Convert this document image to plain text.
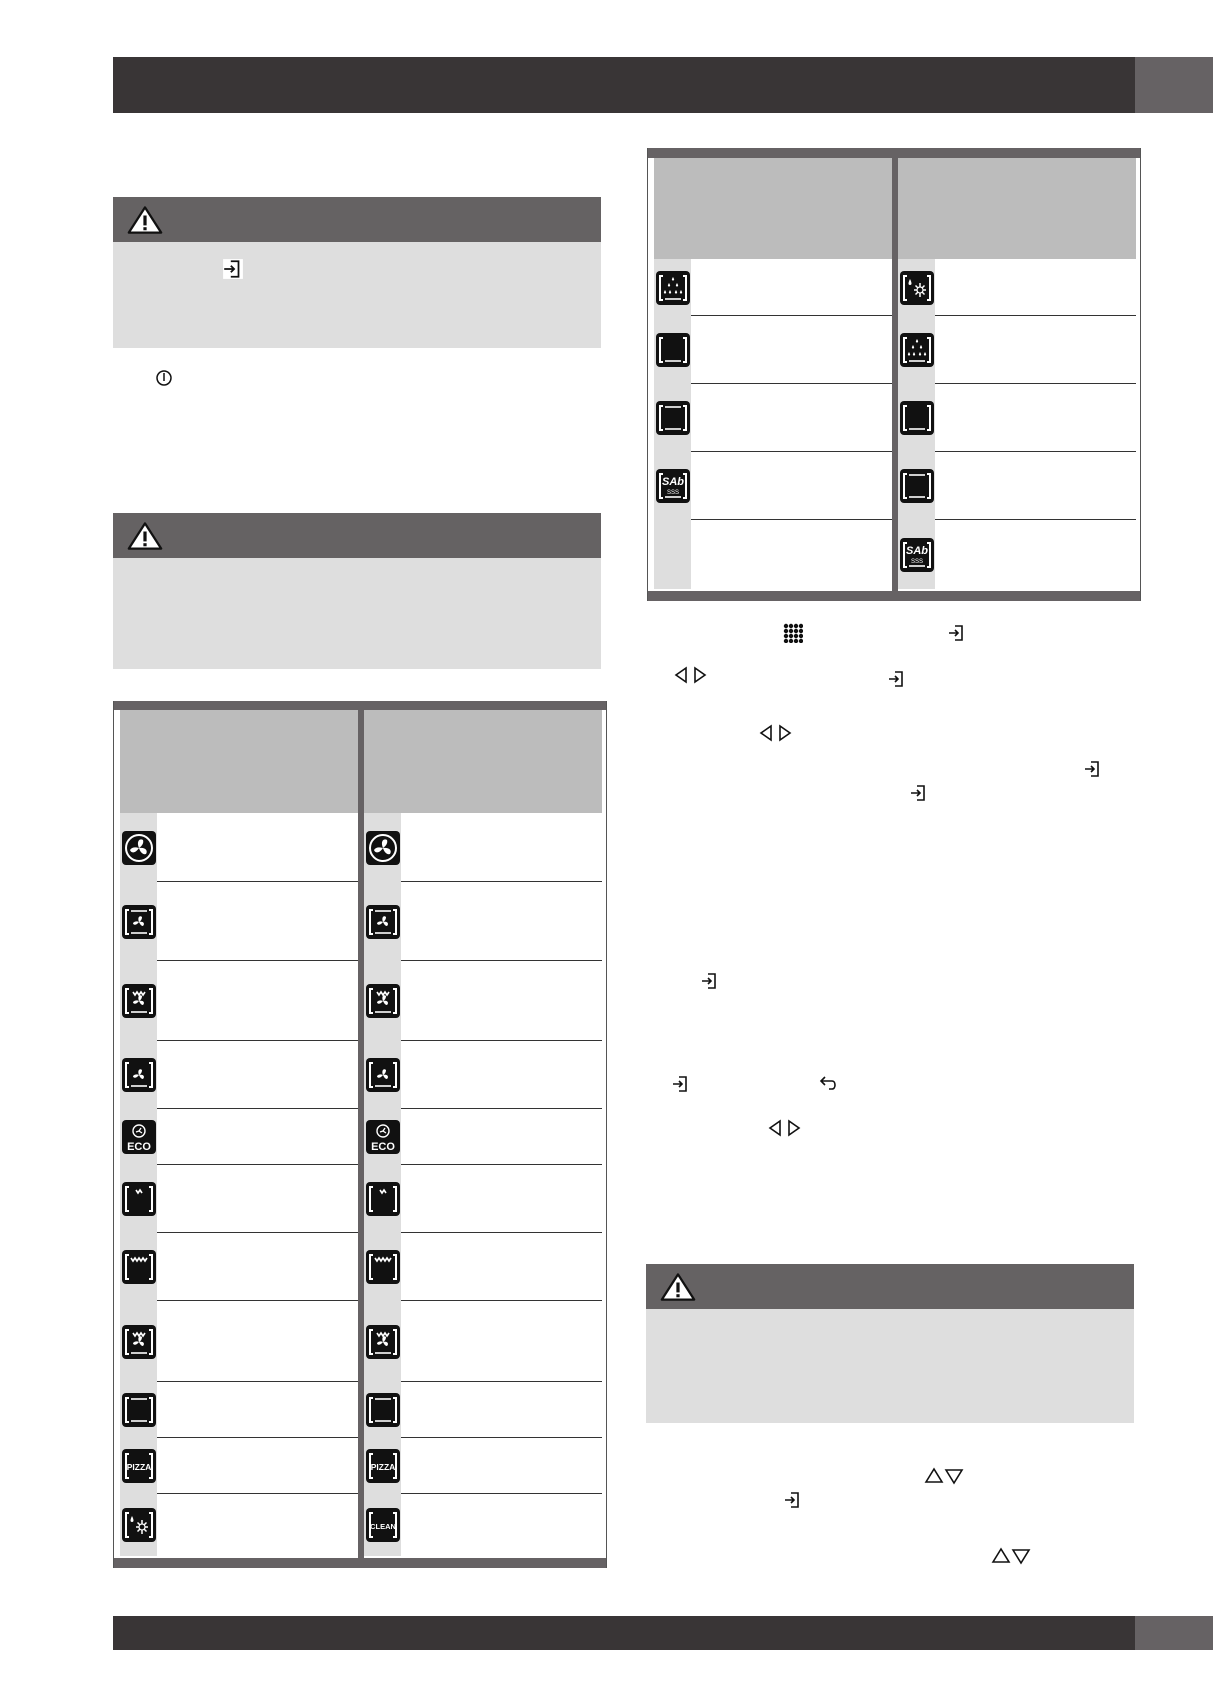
ECO	ECO
PIZZA	PIZZA
CLEAN
SAb
SSS
SAb
SSS
